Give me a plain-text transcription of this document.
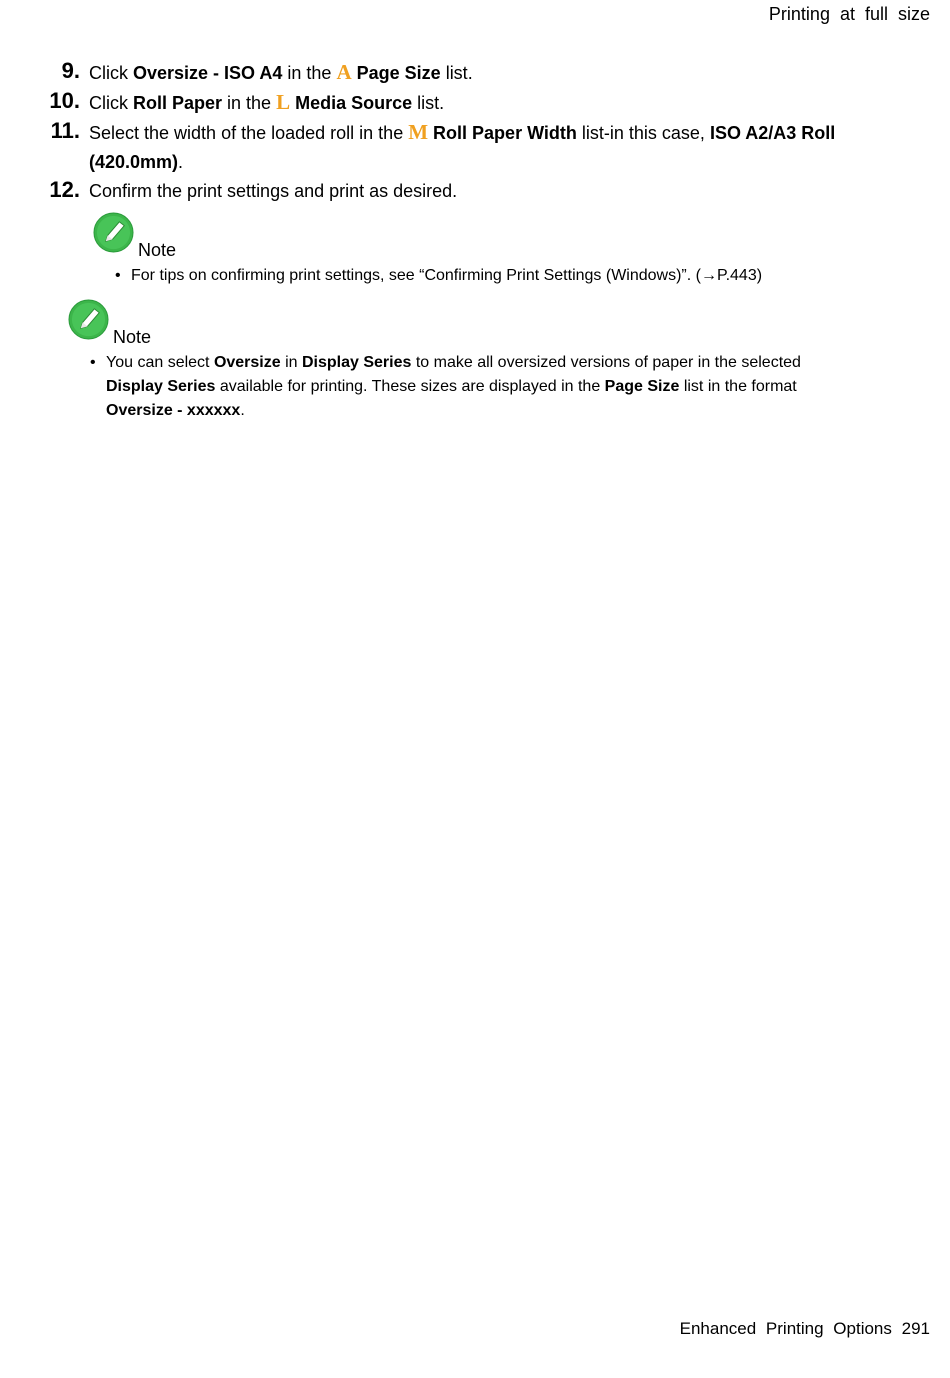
Printing at full size
9. Click Oversize - ISO A4 in the A Page Size list.
10. Click Roll Paper in the L Media Source list.
11. Select the width of the loaded roll in the M Roll Paper Width list-in this case, ISO A2/A3 Roll (420.0mm).
12. Confirm the print settings and print as desired.
Note
• For tips on confirming print settings, see “Confirming Print Settings (Windows)”. (→P.443)
Note
• You can select Oversize in Display Series to make all oversized versions of paper in the selected Display Series available for printing. These sizes are displayed in the Page Size list in the format Oversize - xxxxxx.
Enhanced Printing Options 291
